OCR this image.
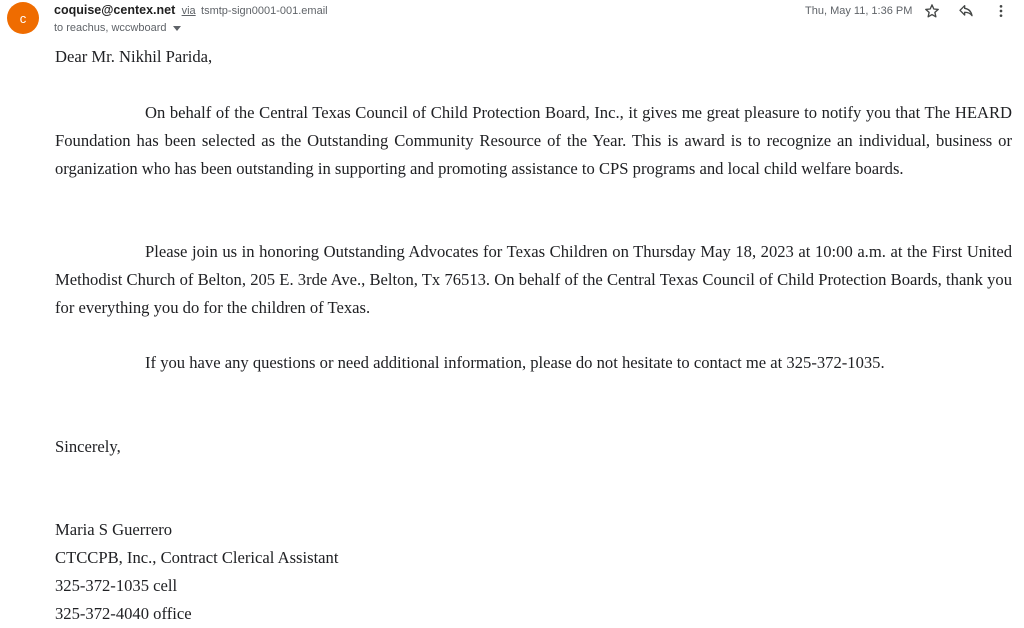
c
coquise@centex.net via tsmtp-sign0001-001.email
to reachus, wccwboard
Thu, May 11, 1:36 PM
Dear Mr. Nikhil Parida,
On behalf of the Central Texas Council of Child Protection Board, Inc., it gives me great pleasure to notify you that The HEARD Foundation has been selected as the Outstanding Community Resource of the Year. This is award is to recognize an individual, business or organization who has been outstanding in supporting and promoting assistance to CPS programs and local child welfare boards.
Please join us in honoring Outstanding Advocates for Texas Children on Thursday May 18, 2023 at 10:00 a.m. at the First United Methodist Church of Belton, 205 E. 3rde Ave., Belton, Tx 76513. On behalf of the Central Texas Council of Child Protection Boards, thank you for everything you do for the children of Texas.
If you have any questions or need additional information, please do not hesitate to contact me at 325-372-1035.
Sincerely,
Maria S Guerrero
CTCCPB, Inc., Contract Clerical Assistant
325-372-1035 cell
325-372-4040 office
